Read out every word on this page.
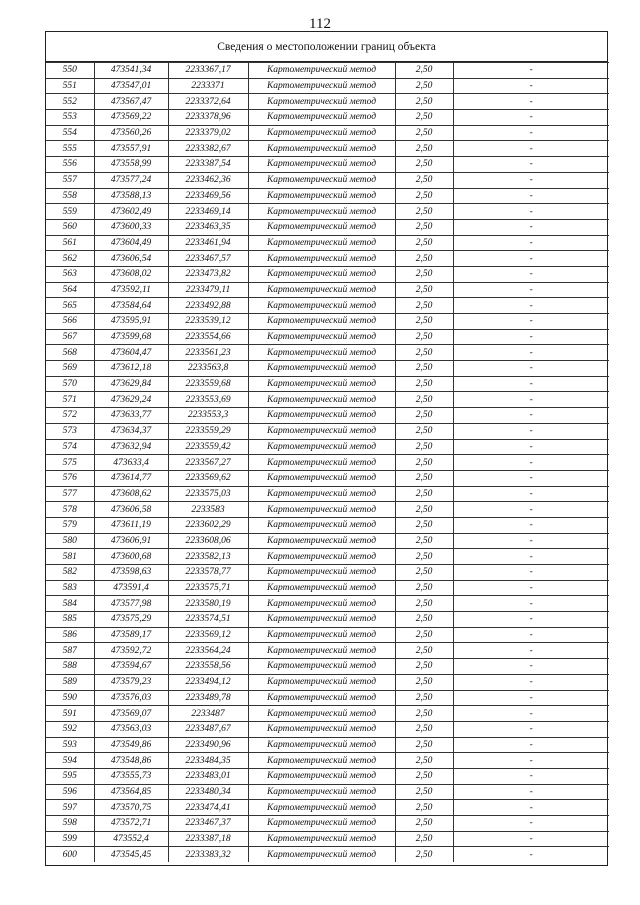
112
Сведения о местоположении границ объекта
550	473541,34	2233367,17	Картометрический метод	2,50	-
551	473547,01	2233371	Картометрический метод	2,50	-
552	473567,47	2233372,64	Картометрический метод	2,50	-
553	473569,22	2233378,96	Картометрический метод	2,50	-
554	473560,26	2233379,02	Картометрический метод	2,50	-
555	473557,91	2233382,67	Картометрический метод	2,50	-
556	473558,99	2233387,54	Картометрический метод	2,50	-
557	473577,24	2233462,36	Картометрический метод	2,50	-
558	473588,13	2233469,56	Картометрический метод	2,50	-
559	473602,49	2233469,14	Картометрический метод	2,50	-
560	473600,33	2233463,35	Картометрический метод	2,50	-
561	473604,49	2233461,94	Картометрический метод	2,50	-
562	473606,54	2233467,57	Картометрический метод	2,50	-
563	473608,02	2233473,82	Картометрический метод	2,50	-
564	473592,11	2233479,11	Картометрический метод	2,50	-
565	473584,64	2233492,88	Картометрический метод	2,50	-
566	473595,91	2233539,12	Картометрический метод	2,50	-
567	473599,68	2233554,66	Картометрический метод	2,50	-
568	473604,47	2233561,23	Картометрический метод	2,50	-
569	473612,18	2233563,8	Картометрический метод	2,50	-
570	473629,84	2233559,68	Картометрический метод	2,50	-
571	473629,24	2233553,69	Картометрический метод	2,50	-
572	473633,77	2233553,3	Картометрический метод	2,50	-
573	473634,37	2233559,29	Картометрический метод	2,50	-
574	473632,94	2233559,42	Картометрический метод	2,50	-
575	473633,4	2233567,27	Картометрический метод	2,50	-
576	473614,77	2233569,62	Картометрический метод	2,50	-
577	473608,62	2233575,03	Картометрический метод	2,50	-
578	473606,58	2233583	Картометрический метод	2,50	-
579	473611,19	2233602,29	Картометрический метод	2,50	-
580	473606,91	2233608,06	Картометрический метод	2,50	-
581	473600,68	2233582,13	Картометрический метод	2,50	-
582	473598,63	2233578,77	Картометрический метод	2,50	-
583	473591,4	2233575,71	Картометрический метод	2,50	-
584	473577,98	2233580,19	Картометрический метод	2,50	-
585	473575,29	2233574,51	Картометрический метод	2,50	-
586	473589,17	2233569,12	Картометрический метод	2,50	-
587	473592,72	2233564,24	Картометрический метод	2,50	-
588	473594,67	2233558,56	Картометрический метод	2,50	-
589	473579,23	2233494,12	Картометрический метод	2,50	-
590	473576,03	2233489,78	Картометрический метод	2,50	-
591	473569,07	2233487	Картометрический метод	2,50	-
592	473563,03	2233487,67	Картометрический метод	2,50	-
593	473549,86	2233490,96	Картометрический метод	2,50	-
594	473548,86	2233484,35	Картометрический метод	2,50	-
595	473555,73	2233483,01	Картометрический метод	2,50	-
596	473564,85	2233480,34	Картометрический метод	2,50	-
597	473570,75	2233474,41	Картометрический метод	2,50	-
598	473572,71	2233467,37	Картометрический метод	2,50	-
599	473552,4	2233387,18	Картометрический метод	2,50	-
600	473545,45	2233383,32	Картометрический метод	2,50	-
